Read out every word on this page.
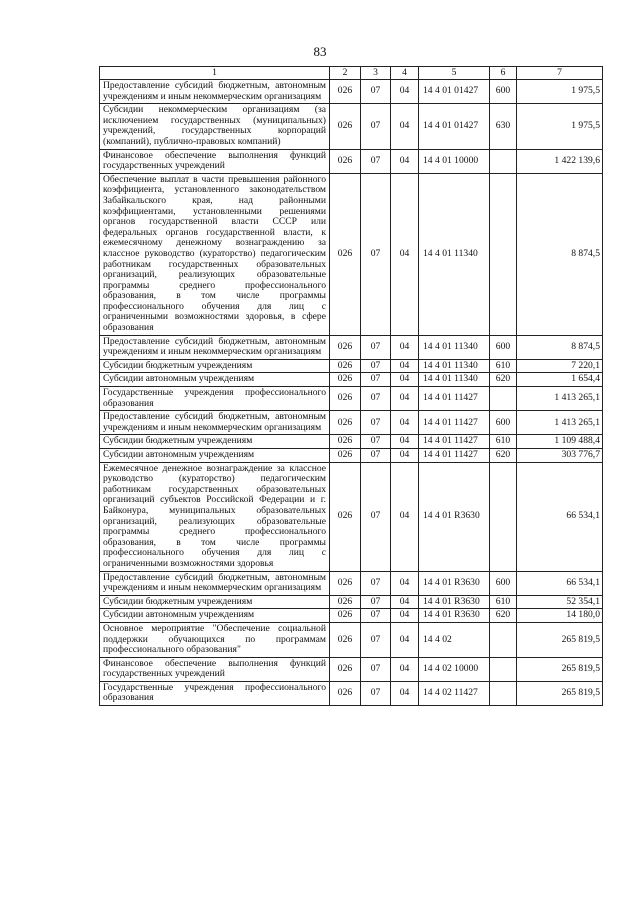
83
1	2	3	4	5	6	7
Предоставление субсидий бюджетным, автономным учреждениям и иным некоммерческим организациям	026	07	04	14 4 01 01427	600	1 975,5
Субсидии некоммерческим организациям (за исключением государственных (муниципальных) учреждений, государственных корпораций (компаний), публично-правовых компаний)	026	07	04	14 4 01 01427	630	1 975,5
Финансовое обеспечение выполнения функций государственных учреждений	026	07	04	14 4 01 10000		1 422 139,6
Обеспечение выплат в части превышения районного коэффициента, установленного законодательством Забайкальского края, над районными коэффициентами, установленными решениями органов государственной власти СССР или федеральных органов государственной власти, к ежемесячному денежному вознаграждению за классное руководство (кураторство) педагогическим работникам государственных образовательных организаций, реализующих образовательные программы среднего профессионального образования, в том числе программы профессионального обучения для лиц с ограниченными возможностями здоровья, в сфере образования	026	07	04	14 4 01 11340		8 874,5
Предоставление субсидий бюджетным, автономным учреждениям и иным некоммерческим организациям	026	07	04	14 4 01 11340	600	8 874,5
Субсидии бюджетным учреждениям	026	07	04	14 4 01 11340	610	7 220,1
Субсидии автономным учреждениям	026	07	04	14 4 01 11340	620	1 654,4
Государственные учреждения профессионального образования	026	07	04	14 4 01 11427		1 413 265,1
Предоставление субсидий бюджетным, автономным учреждениям и иным некоммерческим организациям	026	07	04	14 4 01 11427	600	1 413 265,1
Субсидии бюджетным учреждениям	026	07	04	14 4 01 11427	610	1 109 488,4
Субсидии автономным учреждениям	026	07	04	14 4 01 11427	620	303 776,7
Ежемесячное денежное вознаграждение за классное руководство (кураторство) педагогическим работникам государственных образовательных организаций субъектов Российской Федерации и г. Байконура, муниципальных образовательных организаций, реализующих образовательные программы среднего профессионального образования, в том числе программы профессионального обучения для лиц с ограниченными возможностями здоровья	026	07	04	14 4 01 R3630		66 534,1
Предоставление субсидий бюджетным, автономным учреждениям и иным некоммерческим организациям	026	07	04	14 4 01 R3630	600	66 534,1
Субсидии бюджетным учреждениям	026	07	04	14 4 01 R3630	610	52 354,1
Субсидии автономным учреждениям	026	07	04	14 4 01 R3630	620	14 180,0
Основное мероприятие "Обеспечение социальной поддержки обучающихся по программам профессионального образования"	026	07	04	14 4 02		265 819,5
Финансовое обеспечение выполнения функций государственных учреждений	026	07	04	14 4 02 10000		265 819,5
Государственные учреждения профессионального образования	026	07	04	14 4 02 11427		265 819,5
